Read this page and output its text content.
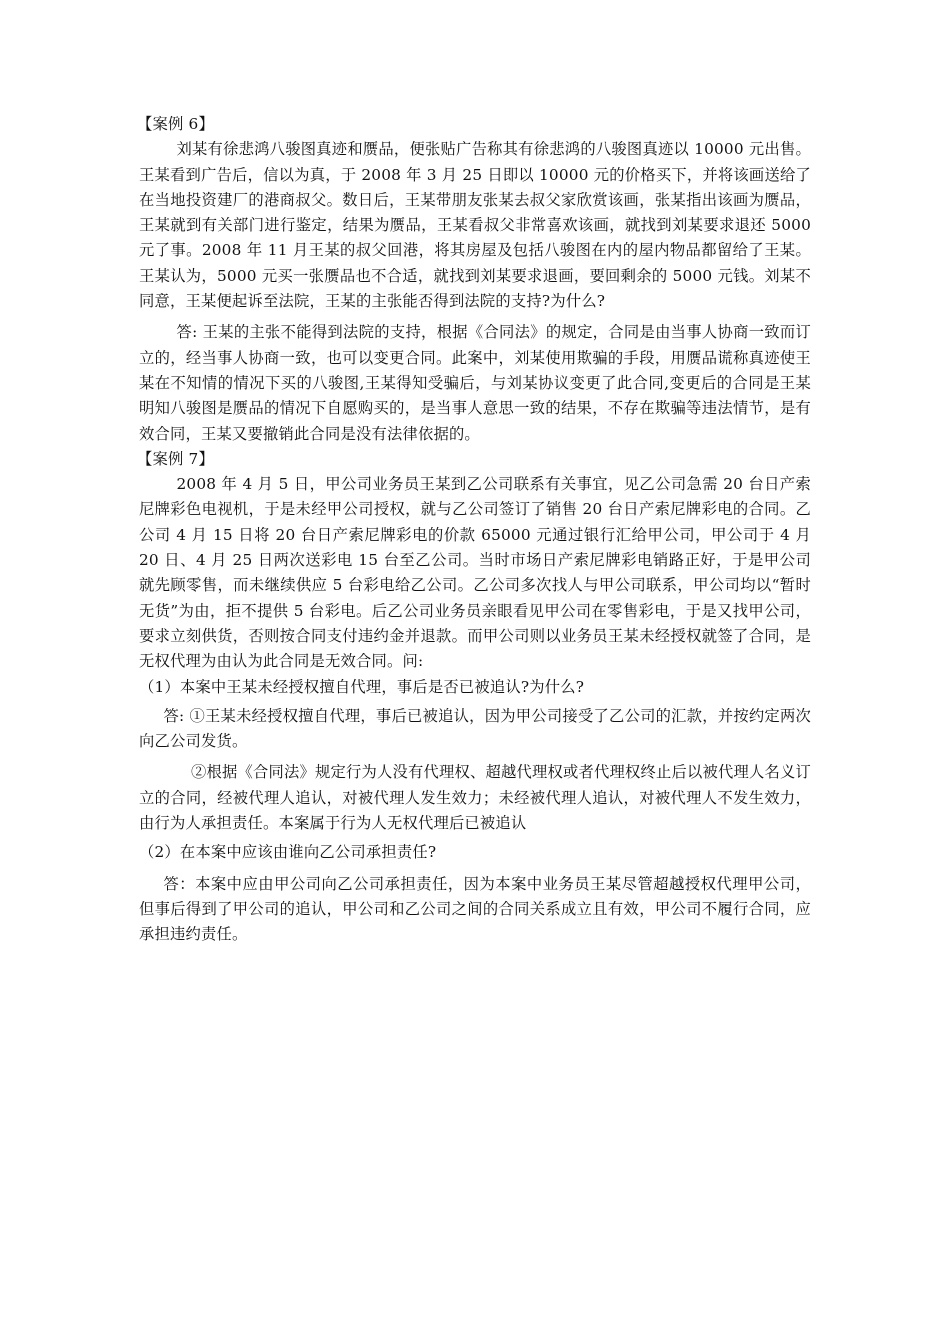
【案例 6】

刘某有徐悲鸿八骏图真迹和赝品，便张贴广告称其有徐悲鸿的八骏图真迹以 10000 元出售。王某看到广告后，信以为真，于 2008 年 3 月 25 日即以 10000 元的价格买下，并将该画送给了在当地投资建厂的港商叔父。数日后，王某带朋友张某去叔父家欣赏该画，张某指出该画为赝品，王某就到有关部门进行鉴定，结果为赝品，王某看叔父非常喜欢该画，就找到刘某要求退还 5000 元了事。2008 年 11 月王某的叔父回港，将其房屋及包括八骏图在内的屋内物品都留给了王某。王某认为，5000 元买一张赝品也不合适，就找到刘某要求退画，要回剩余的 5000 元钱。刘某不同意，王某便起诉至法院，王某的主张能否得到法院的支持?为什么?

答: 王某的主张不能得到法院的支持，根据《合同法》的规定，合同是由当事人协商一致而订立的，经当事人协商一致，也可以变更合同。此案中，刘某使用欺骗的手段，用赝品谎称真迹使王某在不知情的情况下买的八骏图,王某得知受骗后，与刘某协议变更了此合同,变更后的合同是王某明知八骏图是赝品的情况下自愿购买的，是当事人意思一致的结果，不存在欺骗等违法情节，是有效合同，王某又要撤销此合同是没有法律依据的。

【案例 7】

2008 年 4 月 5 日，甲公司业务员王某到乙公司联系有关事宜，见乙公司急需 20 台日产索尼牌彩色电视机，于是未经甲公司授权，就与乙公司签订了销售 20 台日产索尼牌彩电的合同。乙公司 4 月 15 日将 20 台日产索尼牌彩电的价款 65000 元通过银行汇给甲公司，甲公司于 4 月 20 日、4 月 25 日两次送彩电 15 台至乙公司。当时市场日产索尼牌彩电销路正好，于是甲公司就先顾零售，而未继续供应 5 台彩电给乙公司。乙公司多次找人与甲公司联系，甲公司均以“暂时无货”为由，拒不提供 5 台彩电。后乙公司业务员亲眼看见甲公司在零售彩电，于是又找甲公司，要求立刻供货，否则按合同支付违约金并退款。而甲公司则以业务员王某未经授权就签了合同，是无权代理为由认为此合同是无效合同。问:

（1）本案中王某未经授权擅自代理，事后是否已被追认?为什么?

答: ①王某未经授权擅自代理，事后已被追认，因为甲公司接受了乙公司的汇款，并按约定两次向乙公司发货。

②根据《合同法》规定行为人没有代理权、超越代理权或者代理权终止后以被代理人名义订立的合同，经被代理人追认，对被代理人发生效力；未经被代理人追认，对被代理人不发生效力，由行为人承担责任。本案属于行为人无权代理后已被追认

（2）在本案中应该由谁向乙公司承担责任?

答：本案中应由甲公司向乙公司承担责任，因为本案中业务员王某尽管超越授权代理甲公司，但事后得到了甲公司的追认，甲公司和乙公司之间的合同关系成立且有效，甲公司不履行合同，应承担违约责任。
